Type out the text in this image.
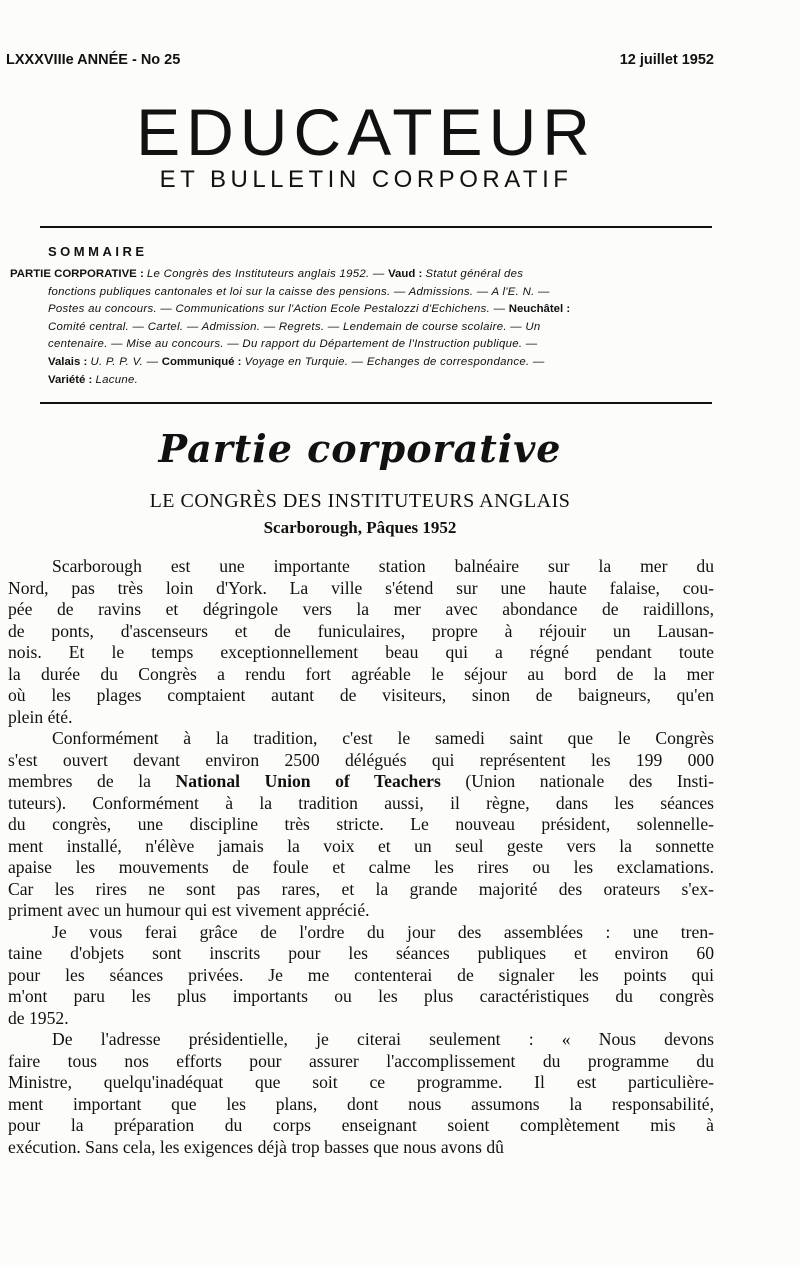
LXXXVIIIe ANNÉE - No 25	12 juillet 1952
EDUCATEUR
ET BULLETIN CORPORATIF
SOMMAIRE
PARTIE CORPORATIVE : Le Congrès des Instituteurs anglais 1952. — Vaud : Statut général des
fonctions publiques cantonales et loi sur la caisse des pensions. — Admissions. — A l'E. N. —
Postes au concours. — Communications sur l'Action Ecole Pestalozzi d'Echichens. — Neuchâtel :
Comité central. — Cartel. — Admission. — Regrets. — Lendemain de course scolaire. — Un
centenaire. — Mise au concours. — Du rapport du Département de l'Instruction publique. —
Valais : U. P. P. V. — Communiqué : Voyage en Turquie. — Echanges de correspondance. —
Variété : Lacune.
Partie corporative
LE CONGRÈS DES INSTITUTEURS ANGLAIS
Scarborough, Pâques 1952
Scarborough est une importante station balnéaire sur la mer du
Nord, pas très loin d'York. La ville s'étend sur une haute falaise, cou-
pée de ravins et dégringole vers la mer avec abondance de raidillons,
de ponts, d'ascenseurs et de funiculaires, propre à réjouir un Lausan-
nois. Et le temps exceptionnellement beau qui a régné pendant toute
la durée du Congrès a rendu fort agréable le séjour au bord de la mer
où les plages comptaient autant de visiteurs, sinon de baigneurs, qu'en
plein été.
Conformément à la tradition, c'est le samedi saint que le Congrès
s'est ouvert devant environ 2500 délégués qui représentent les 199 000
membres de la National Union of Teachers (Union nationale des Insti-
tuteurs). Conformément à la tradition aussi, il règne, dans les séances
du congrès, une discipline très stricte. Le nouveau président, solennelle-
ment installé, n'élève jamais la voix et un seul geste vers la sonnette
apaise les mouvements de foule et calme les rires ou les exclamations.
Car les rires ne sont pas rares, et la grande majorité des orateurs s'ex-
priment avec un humour qui est vivement apprécié.
Je vous ferai grâce de l'ordre du jour des assemblées : une tren-
taine d'objets sont inscrits pour les séances publiques et environ 60
pour les séances privées. Je me contenterai de signaler les points qui
m'ont paru les plus importants ou les plus caractéristiques du congrès
de 1952.
De l'adresse présidentielle, je citerai seulement : « Nous devons
faire tous nos efforts pour assurer l'accomplissement du programme du
Ministre, quelqu'inadéquat que soit ce programme. Il est particulière-
ment important que les plans, dont nous assumons la responsabilité,
pour la préparation du corps enseignant soient complètement mis à
exécution. Sans cela, les exigences déjà trop basses que nous avons dû
